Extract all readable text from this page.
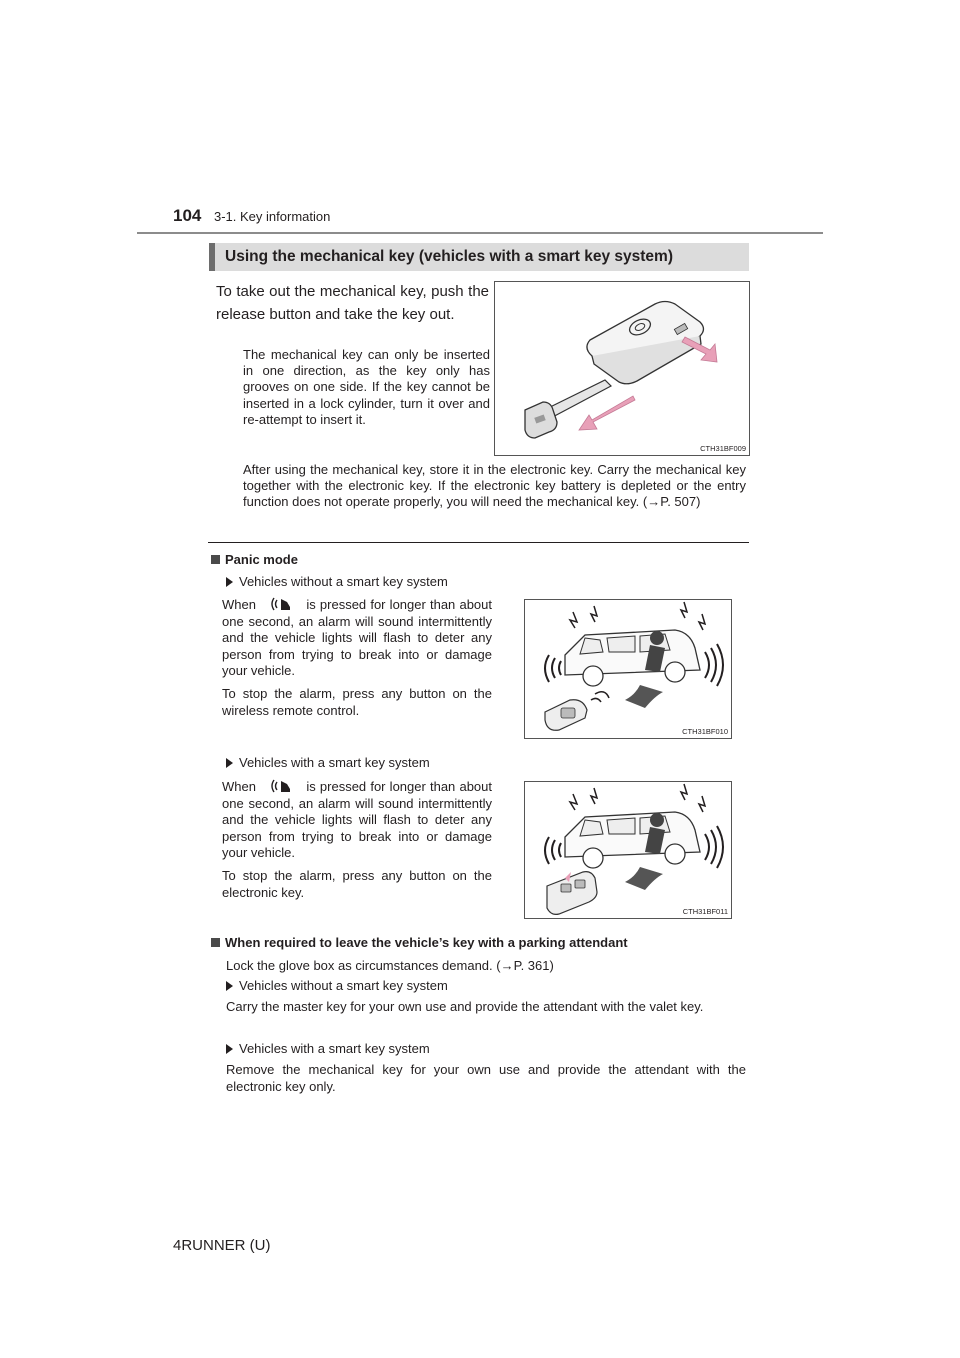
104 3-1. Key information
Using the mechanical key (vehicles with a smart key system)
To take out the mechanical key, push the release button and take the key out.
The mechanical key can only be inserted in one direction, as the key only has grooves on one side. If the key cannot be inserted in a lock cylinder, turn it over and re-attempt to insert it.
CTH31BF009
After using the mechanical key, store it in the electronic key. Carry the mechanical key together with the electronic key. If the electronic key battery is depleted or the entry function does not operate properly, you will need the mechanical key. (→P. 507)
Panic mode
Vehicles without a smart key system
When	is pressed for longer than about one second, an alarm will sound intermittently and the vehicle lights will flash to deter any person from trying to break into or damage your vehicle.
To stop the alarm, press any button on the wireless remote control.
CTH31BF010
Vehicles with a smart key system
When	is pressed for longer than about one second, an alarm will sound intermittently and the vehicle lights will flash to deter any person from trying to break into or damage your vehicle.
To stop the alarm, press any button on the electronic key.
CTH31BF011
When required to leave the vehicle’s key with a parking attendant
Lock the glove box as circumstances demand. (→P. 361)
Vehicles without a smart key system
Carry the master key for your own use and provide the attendant with the valet key.
Vehicles with a smart key system
Remove the mechanical key for your own use and provide the attendant with the electronic key only.
4RUNNER (U)
